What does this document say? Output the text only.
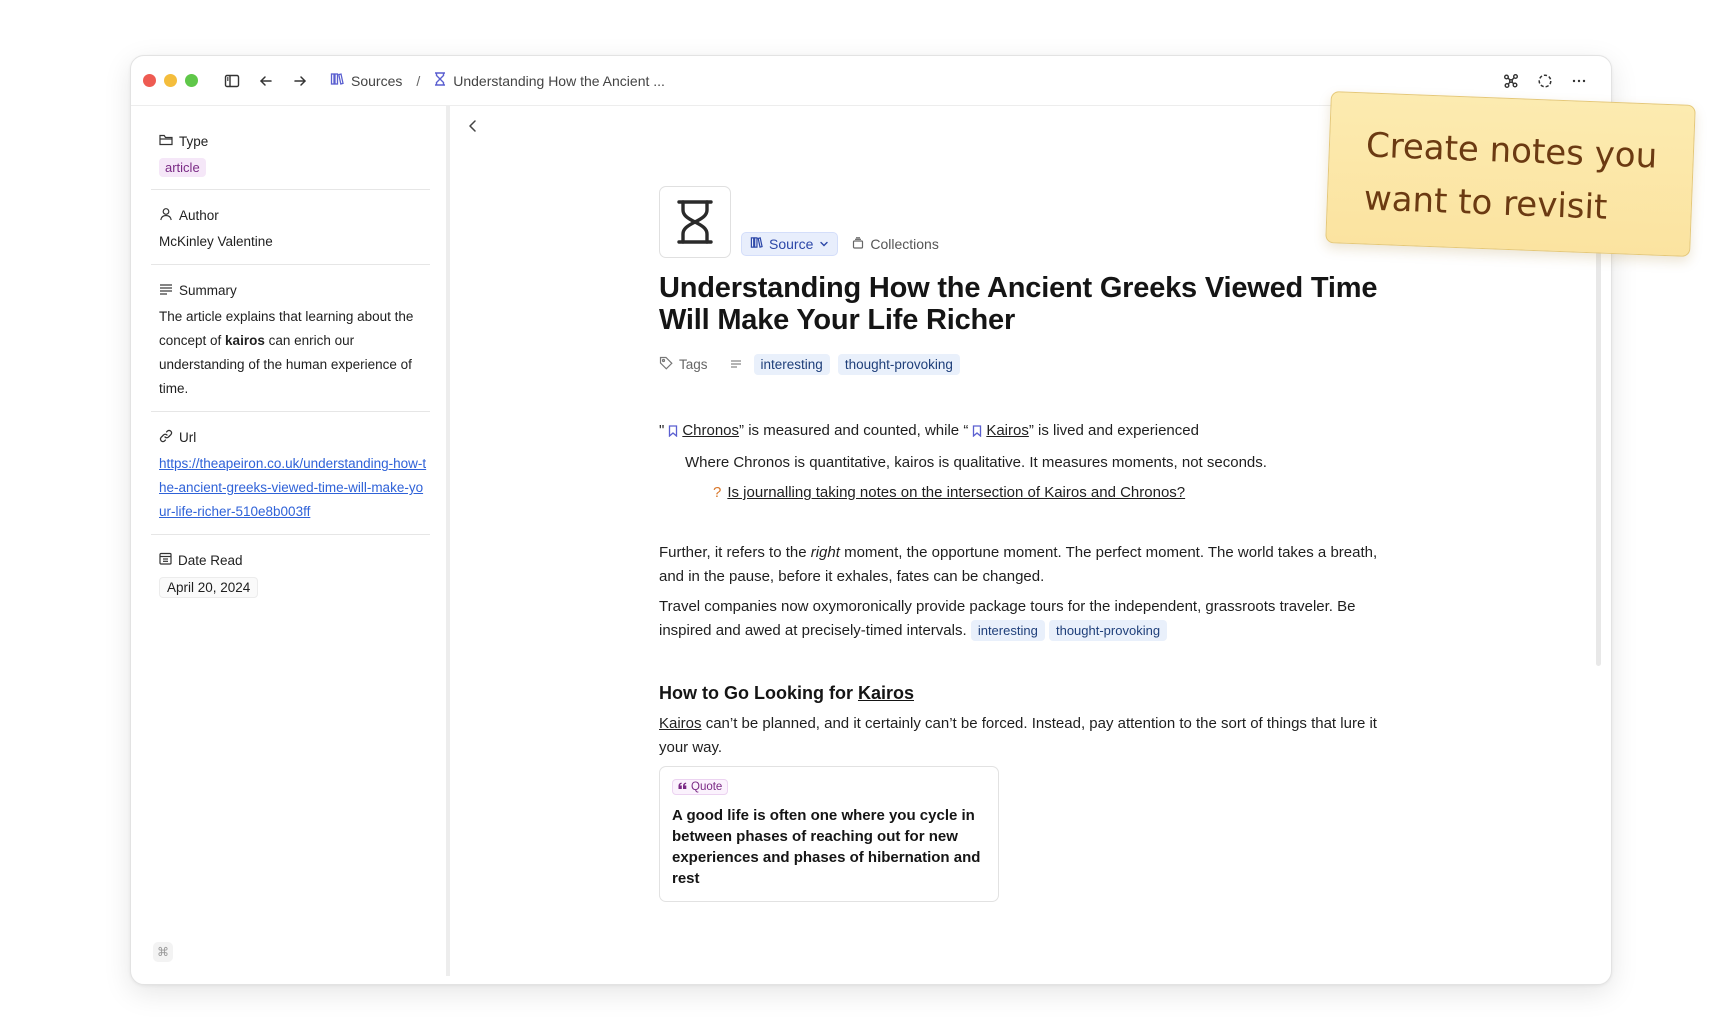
Sources / Understanding How the Ancient ...
Type
article
Author
McKinley Valentine
Summary
The article explains that learning about the concept of kairos can enrich our understanding of the human experience of time.
Url
https://theapeiron.co.uk/understanding-how-the-ancient-greeks-viewed-time-will-make-your-life-richer-510e8b003ff
Date Read
April 20, 2024
⌘
Source	Collections
Understanding How the Ancient Greeks Viewed Time Will Make Your Life Richer
Tags	interesting	thought-provoking

" Chronos” is measured and counted, while “ Kairos” is lived and experienced

Where Chronos is quantitative, kairos is qualitative. It measures moments, not seconds.

? Is journalling taking notes on the intersection of Kairos and Chronos?

Further, it refers to the right moment, the opportune moment. The perfect moment. The world takes a breath, and in the pause, before it exhales, fates can be changed.

Travel companies now oxymoronically provide package tours for the independent, grassroots traveler. Be inspired and awed at precisely-timed intervals. interesting thought-provoking

How to Go Looking for Kairos

Kairos can’t be planned, and it certainly can’t be forced. Instead, pay attention to the sort of things that lure it your way.

Quote
A good life is often one where you cycle in between phases of reaching out for new experiences and phases of hibernation and rest
Create notes you want to revisit
